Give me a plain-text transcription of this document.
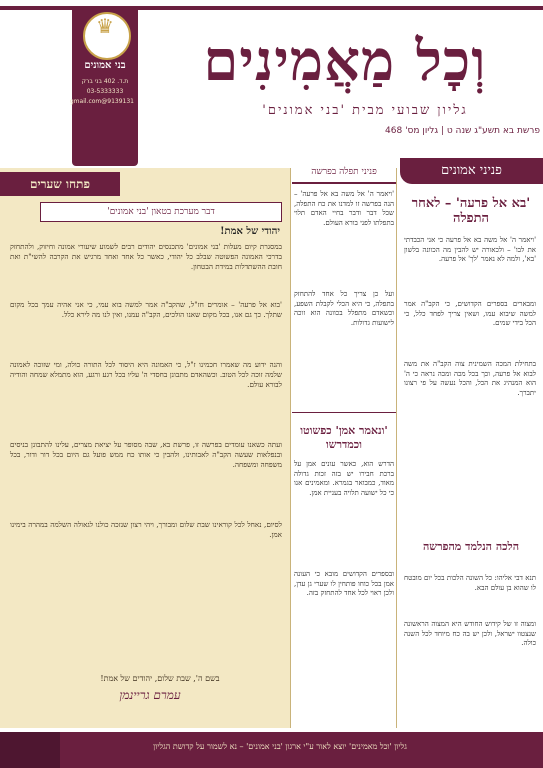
♛
בני אמונים
ת.ד. 402 בני ברק
03-5333333
9139131@gmail.com
וְכׇל מַאֲמִינִים
גליון שבועי מבית 'בני אמונים'
פרשת בא תשע"ג שנה ט | גליון מס' 468
פתחו שערים
דבר מערכת בטאון 'בני אמונים'
יהודי של אמת!
במסגרת קיום מעלות 'בני אמונים' מתכנסים יהודים רבים לשמוע שיעורי אמונה וחיזוק, ולהתחזק בדרכי האמונה הפשוטה שבלב כל יהודי, כאשר כל אחד ואחד מרגיש את הקרבה להשי"ת ואת חובת ההשתדלות במידת הבטחון.
'בוא אל פרעה' – אומרים חז"ל, שהקב"ה אמר למשה בוא עמי, כי אני אהיה עמך בכל מקום שתלך. כך גם אנו, בכל מקום שאנו הולכים, הקב"ה עמנו, ואין לנו מה לירא כלל.
והנה ידוע מה שאמרו חכמינו ז"ל, כי האמונה היא היסוד לכל התורה כולה, ומי שזוכה לאמונה שלמה זוכה לכל הטוב. וכשהאדם מתבונן בחסדי ה' עליו בכל רגע ורגע, הוא מתמלא שמחה והודיה לבורא עולם.
ועתה כשאנו עומדים בפרשה זו, פרשת בא, שבה מסופר על יציאת מצרים, עלינו להתבונן בניסים ובנפלאות שעשה הקב"ה לאבותינו, ולהבין כי אותו כח ממש פועל גם היום בכל דור ודור, בכל משפחה ומשפחה.
לסיום, נאחל לכל קוראינו שבת שלום ומבורך, ויהי רצון שנזכה כולנו לגאולה השלמה במהרה בימינו אמן.
בשם ה', שבת שלום, יהודים של אמת!
עמרם גריינמן
פניני תפלה בפרשה
'ויאמר ה' אל משה בא אל פרעה' – הנה בפרשה זו למדנו את כח התפלה, שכל דבר ודבר בחיי האדם תלוי בתפלתו לפני בורא העולם.
ועל כן צריך כל אחד להתחזק בתפלה, כי היא הכלי לקבלת השפע, וכשאדם מתפלל בכוונה הוא זוכה לישועות גדולות.
'ונאמר אמן' כפשוטו וכמדרשו
הדרש הוא, כאשר עונים אמן על ברכת חבירו יש בזה זכות גדולה מאוד, כמבואר בגמרא. ומאמינים אנו כי כל ישועה תלויה בעניית אמן.
ובספרים הקדושים מובא כי העונה אמן בכל כוחו פותחין לו שערי גן עדן, ולכן ראוי לכל אחד להתחזק בזה.
פניני אמונים
'בא אל פרעה' – לאחר התפלה
'ויאמר ה' אל משה בא אל פרעה כי אני הכבדתי את לבו' – ולכאורה יש להבין מה הכוונה בלשון 'בא', ולמה לא נאמר 'לך' אל פרעה.
ומבארים בספרים הקדושים, כי הקב"ה אמר למשה שיבוא עמו, ושאין צריך לפחד כלל, כי הכל בידי שמים.
בתחילת המכה השמינית צוה הקב"ה את משה לבוא אל פרעה, וכך בכל מכה ומכה נראה כי ה' הוא המנהיג את הכל, והכל נעשה על פי רצונו יתברך.
הלכה הנלמד מהפרשה
תנא דבי אליהו: כל השונה הלכות בכל יום מובטח לו שהוא בן עולם הבא.
ומצוה זו של קידוש החודש היא המצוה הראשונה שנצטוו ישראל, ולכן יש בה כח מיוחד לכל השנה כולה.
גליון 'וכל מאמינים' יוצא לאור ע"י ארגון 'בני אמונים' – נא לשמור על קדושת הגליון
